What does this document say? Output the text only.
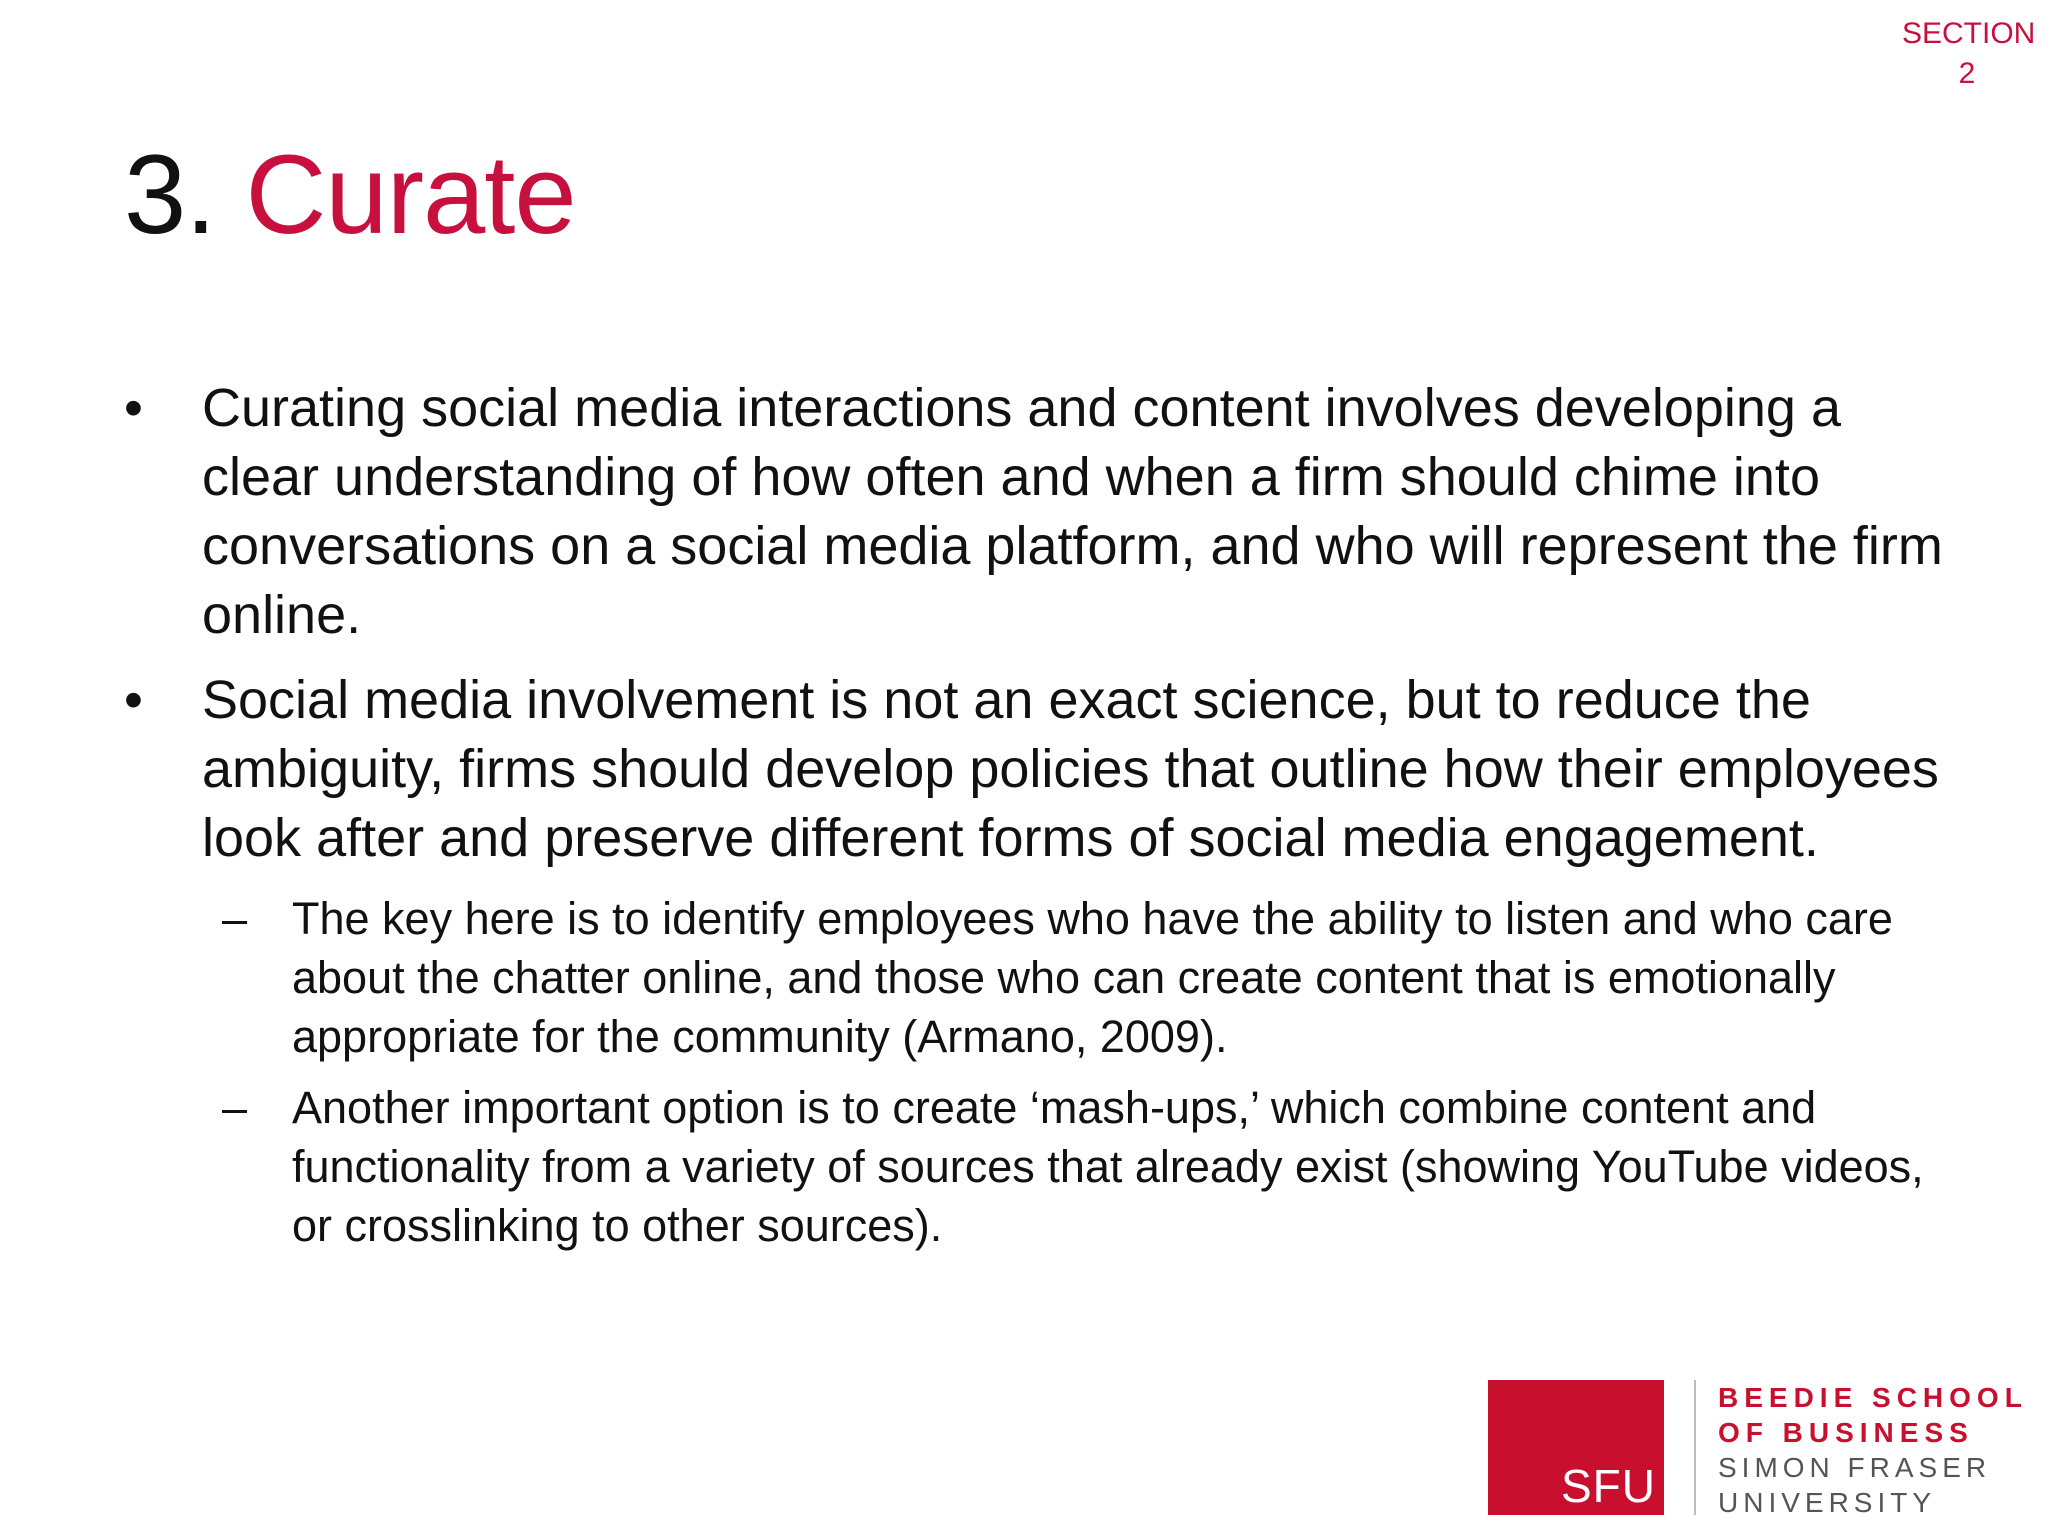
SECTION
2
3. Curate
•	Curating social media interactions and content involves developing a clear understanding of how often and when a firm should chime into conversations on a social media platform, and who will represent the firm online.
•	Social media involvement is not an exact science, but to reduce the ambiguity, firms should develop policies that outline how their employees look after and preserve different forms of social media engagement.
– The key here is to identify employees who have the ability to listen and who care about the chatter online, and those who can create content that is emotionally appropriate for the community (Armano, 2009).
– Another important option is to create ‘mash-ups,’ which combine content and functionality from a variety of sources that already exist (showing YouTube videos, or crosslinking to other sources).
SFU
BEEDIE SCHOOL
OF BUSINESS
SIMON FRASER
UNIVERSITY
